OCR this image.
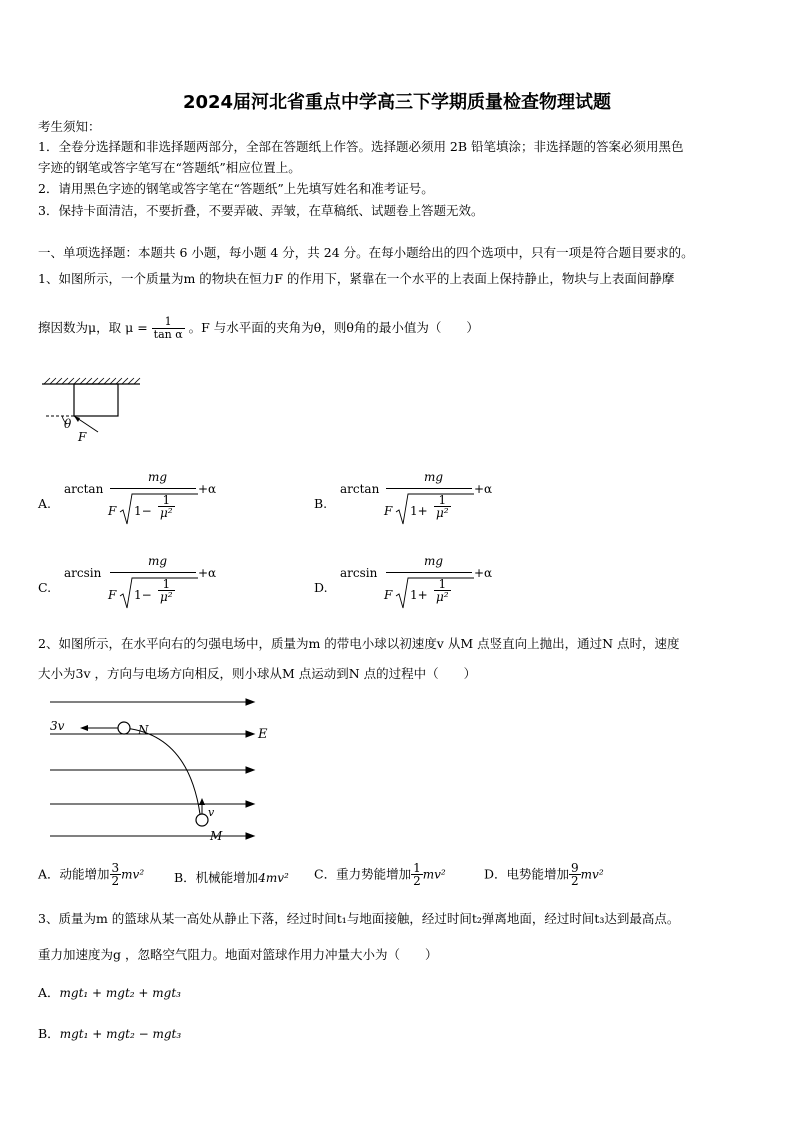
2024届河北省重点中学高三下学期质量检查物理试题
考生须知：
1．全卷分选择题和非选择题两部分，全部在答题纸上作答。选择题必须用 2B 铅笔填涂；非选择题的答案必须用黑色
字迹的钢笔或答字笔写在“答题纸”相应位置上。
2．请用黑色字迹的钢笔或答字笔在“答题纸”上先填写姓名和准考证号。
3．保持卡面清洁，不要折叠，不要弄破、弄皱，在草稿纸、试题卷上答题无效。
一、单项选择题：本题共 6 小题，每小题 4 分，共 24 分。在每小题给出的四个选项中，只有一项是符合题目要求的。
1、如图所示，一个质量为m 的物块在恒力F 的作用下，紧靠在一个水平的上表面上保持静止，物块与上表面间静摩
擦因数为μ，取 $\mu = \frac{1}{\text{tan α}}$ 。F 与水平面的夹角为θ，则θ角的最小值为（　　）
θ
F
A.
arctan
mg
F $1- \frac{1}{\text{μ²}}$
+α
B.
arctan
mg
F $1+ \frac{1}{\text{μ²}}$
+α
C.
arcsin
mg
F $1- \frac{1}{\text{μ²}}$
+α
D.
arcsin
mg
F $1+ \frac{1}{\text{μ²}}$
+α
2、如图所示，在水平向右的匀强电场中，质量为m 的带电小球以初速度v 从M 点竖直向上抛出，通过N 点时，速度
大小为3v ，方向与电场方向相反，则小球从M 点运动到N 点的过程中（　　）
3v	N	E
v
M
A．动能增加 $\frac{3}{2} mv^2$ B．机械能增加4mv² C．重力势能增加 $\frac{1}{2} mv^2$	D．电势能增加 $\frac{9}{2} mv^2$
3、质量为m 的篮球从某一高处从静止下落，经过时间t₁与地面接触，经过时间t₂弹离地面，经过时间t₃达到最高点。
重力加速度为g ，忽略空气阻力。地面对篮球作用力冲量大小为（　　）
A．mgt₁ + mgt₂ + mgt₃
B．mgt₁ + mgt₂ − mgt₃
